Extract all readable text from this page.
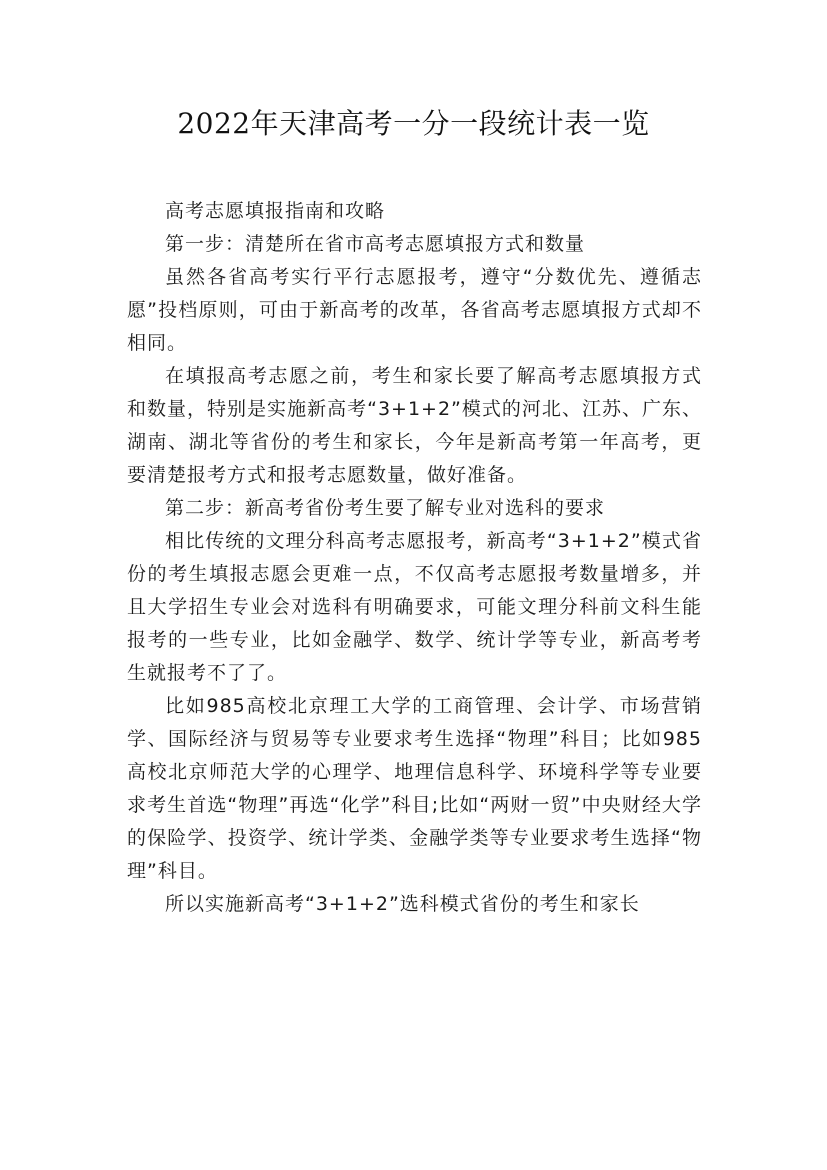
2022年天津高考一分一段统计表一览

高考志愿填报指南和攻略

第一步：清楚所在省市高考志愿填报方式和数量

虽然各省高考实行平行志愿报考，遵守“分数优先、遵循志愿”投档原则，可由于新高考的改革，各省高考志愿填报方式却不相同。

在填报高考志愿之前，考生和家长要了解高考志愿填报方式和数量，特别是实施新高考“3+1+2”模式的河北、江苏、广东、湖南、湖北等省份的考生和家长，今年是新高考第一年高考，更要清楚报考方式和报考志愿数量，做好准备。

第二步：新高考省份考生要了解专业对选科的要求

相比传统的文理分科高考志愿报考，新高考“3+1+2”模式省份的考生填报志愿会更难一点，不仅高考志愿报考数量增多，并且大学招生专业会对选科有明确要求，可能文理分科前文科生能报考的一些专业，比如金融学、数学、统计学等专业，新高考考生就报考不了了。

比如985高校北京理工大学的工商管理、会计学、市场营销学、国际经济与贸易等专业要求考生选择“物理”科目；比如985高校北京师范大学的心理学、地理信息科学、环境科学等专业要求考生首选“物理”再选“化学”科目;比如“两财一贸”中央财经大学的保险学、投资学、统计学类、金融学类等专业要求考生选择“物理”科目。

所以实施新高考“3+1+2”选科模式省份的考生和家长
